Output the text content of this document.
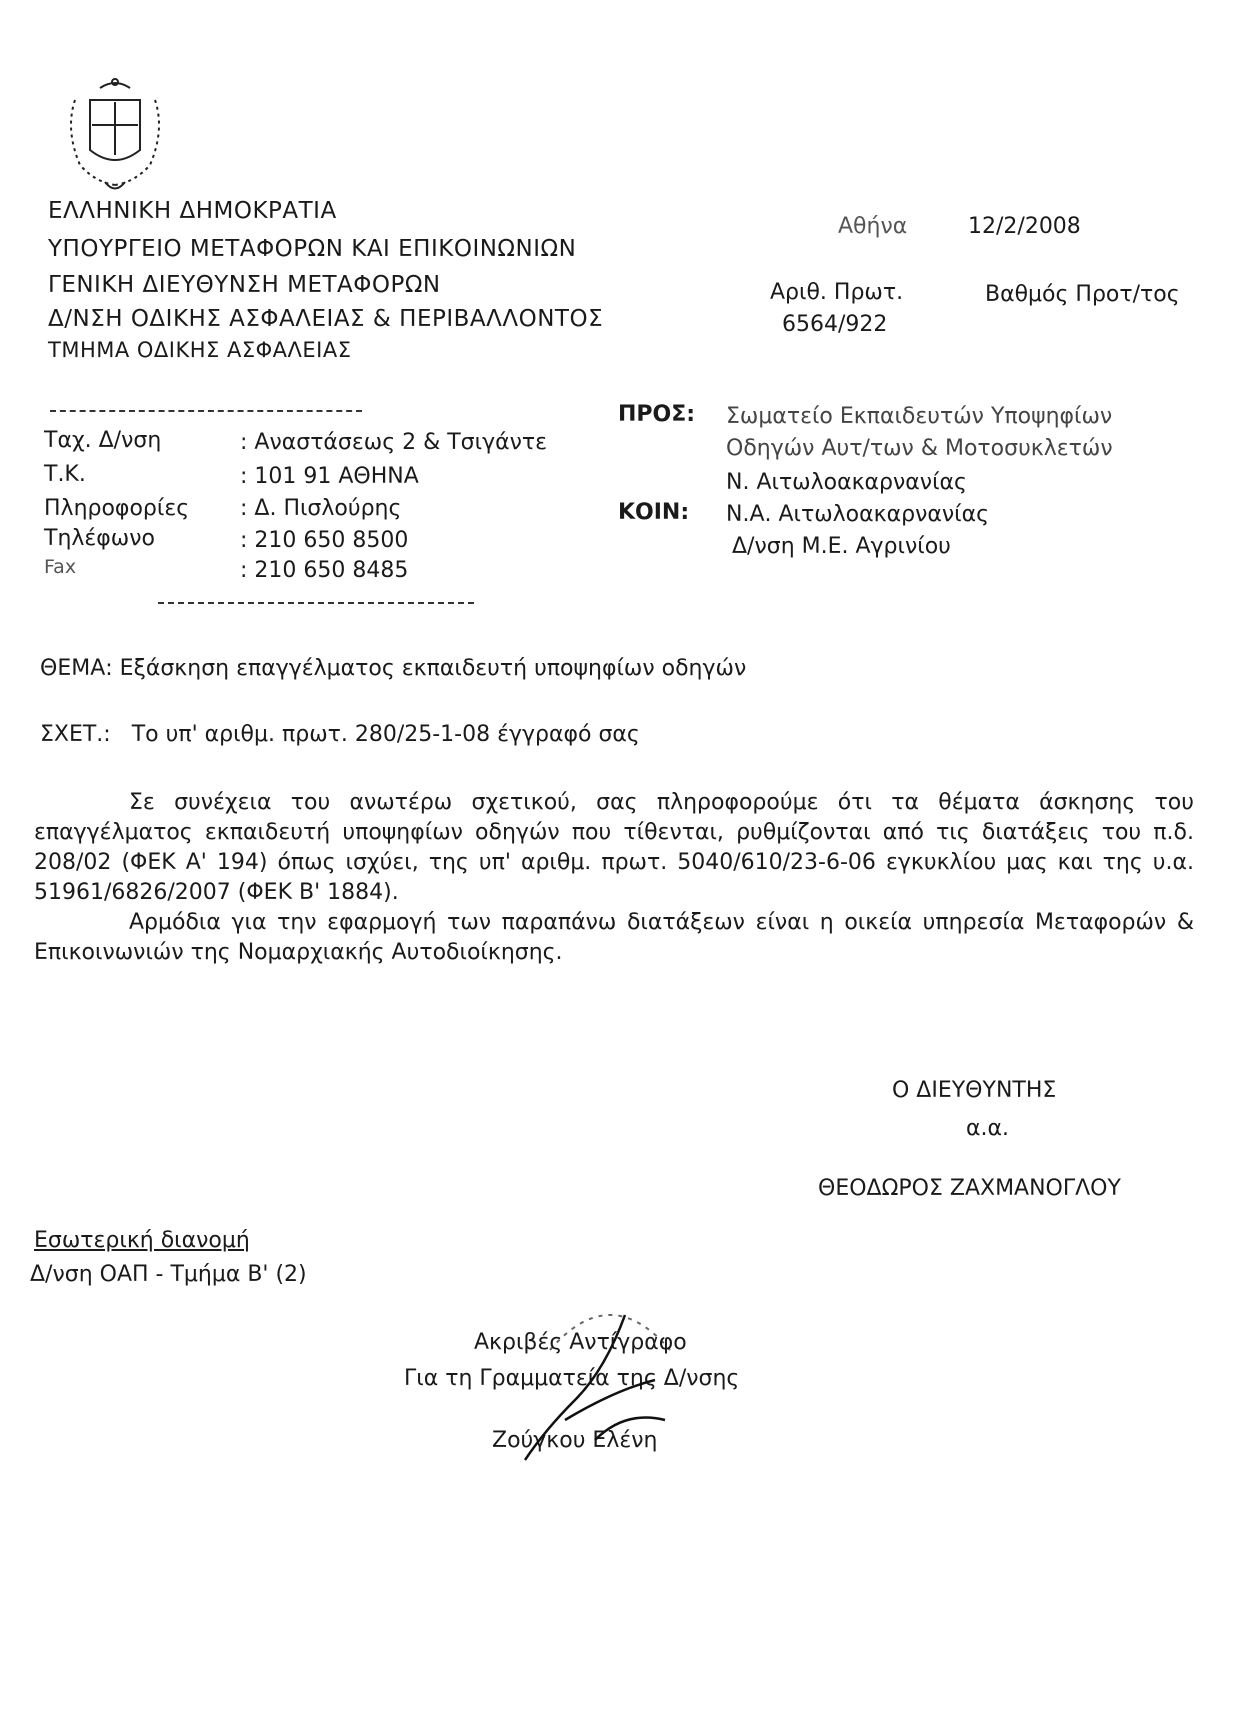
ΕΛΛΗΝΙΚΗ ΔΗΜΟΚΡΑΤΙΑ
ΥΠΟΥΡΓΕΙΟ ΜΕΤΑΦΟΡΩΝ ΚΑΙ ΕΠΙΚΟΙΝΩΝΙΩΝ
ΓΕΝΙΚΗ ΔΙΕΥΘΥΝΣΗ ΜΕΤΑΦΟΡΩΝ
Δ/ΝΣΗ ΟΔΙΚΗΣ ΑΣΦΑΛΕΙΑΣ & ΠΕΡΙΒΑΛΛΟΝΤΟΣ
ΤΜΗΜΑ ΟΔΙΚΗΣ ΑΣΦΑΛΕΙΑΣ
Αθήνα	12/2/2008
Αριθ. Πρωτ.
6564/922
Βαθμός Προτ/τος
Ταχ. Δ/νση	: Αναστάσεως 2 & Τσιγάντε
Τ.Κ.	: 101 91 ΑΘΗΝΑ
Πληροφορίες : Δ. Πισλούρης
Τηλέφωνο	: 210 650 8500
Fax	: 210 650 8485
ΠΡΟΣ: Σωματείο Εκπαιδευτών Υποψηφίων
Οδηγών Αυτ/των & Μοτοσυκλετών
Ν. Αιτωλοακαρνανίας
ΚΟΙΝ: Ν.Α. Αιτωλοακαρνανίας
Δ/νση Μ.Ε. Αγρινίου
ΘΕΜΑ: Εξάσκηση επαγγέλματος εκπαιδευτή υποψηφίων οδηγών
ΣΧΕΤ.: Το υπ' αριθμ. πρωτ. 280/25-1-08 έγγραφό σας

Σε συνέχεια του ανωτέρω σχετικού, σας πληροφορούμε ότι τα θέματα άσκησης του επαγγέλματος εκπαιδευτή υποψηφίων οδηγών που τίθενται, ρυθμίζονται από τις διατάξεις του π.δ. 208/02 (ΦΕΚ Α' 194) όπως ισχύει, της υπ' αριθμ. πρωτ. 5040/610/23-6-06 εγκυκλίου μας και της υ.α. 51961/6826/2007 (ΦΕΚ Β' 1884).

Αρμόδια για την εφαρμογή των παραπάνω διατάξεων είναι η οικεία υπηρεσία Μεταφορών & Επικοινωνιών της Νομαρχιακής Αυτοδιοίκησης.

Ο ΔΙΕΥΘΥΝΤΗΣ
α.α.
ΘΕΟΔΩΡΟΣ ΖΑΧΜΑΝΟΓΛΟΥ
Εσωτερική διανομή
Δ/νση ΟΑΠ - Τμήμα Β' (2)
Ακριβές Αντίγραφο
Για τη Γραμματεία της Δ/νσης
Ζούγκου Ελένη
